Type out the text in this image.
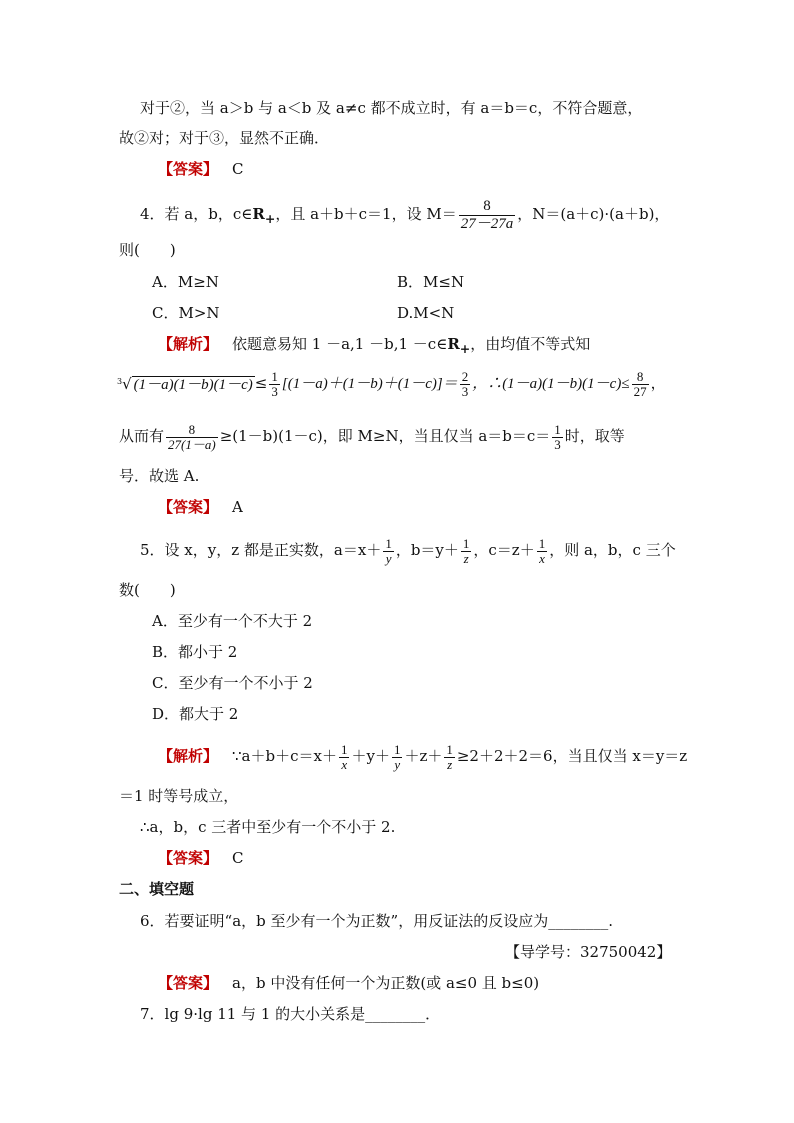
对于②，当 a＞b 与 a＜b 及 a≠c 都不成立时，有 a＝b＝c，不符合题意，
故②对；对于③，显然不正确．
【答案】 C
4．若 a，b，$c\in R_+$，且 a＋b＋c＝1，设 $M= \frac{8}{27-27a}$ ，N＝(a＋c)·(a＋b)，
则(　　)
A．M≥N	B．M≤N
C．M>N	D.M<N
【解析】 依题意易知 $1 -a,1 -b,1 -c\in R_+$，由均值不等式知
$^3$√ $(1-a)(1-b)(1-c) \le \frac{1}{3} [(1-a)+(1-b)+(1-c)]= \frac{2}{3}$ ，∴(1－a)(1－b)(1－c)≤ $\frac{8}{27}$ ，
从而有 $\frac{8}{27(1-a)} \ge(1-b)(1-c)$，即 M≥N，当且仅当 $a=b=c= \frac{1}{3}$ 时，取等
号．故选 A.
【答案】 A
5．设 x，y，z 都是正实数，$a=x+ \frac{1}{y}$ ，$b=y+ \frac{1}{z}$ ，$c=z+ \frac{1}{x}$ ，则 a，b，c 三个
数(　　)
A．至少有一个不大于 2
B．都小于 2
C．至少有一个不小于 2
D．都大于 2
【解析】 ∵a＋b＋c＝x＋ $\frac{1}{x} +y+ \frac{1}{y} +z+ \frac{1}{z} \ge 2+2+2=6$，当且仅当 x＝y＝z
＝1 时等号成立，
∴a，b，c 三者中至少有一个不小于 2.
【答案】 C
二、填空题
6．若要证明“a，b 至少有一个为正数”，用反证法的反设应为________.
【导学号：32750042】
【答案】 a，b 中没有任何一个为正数(或 a≤0 且 b≤0)
7．lg 9·lg 11 与 1 的大小关系是________．
